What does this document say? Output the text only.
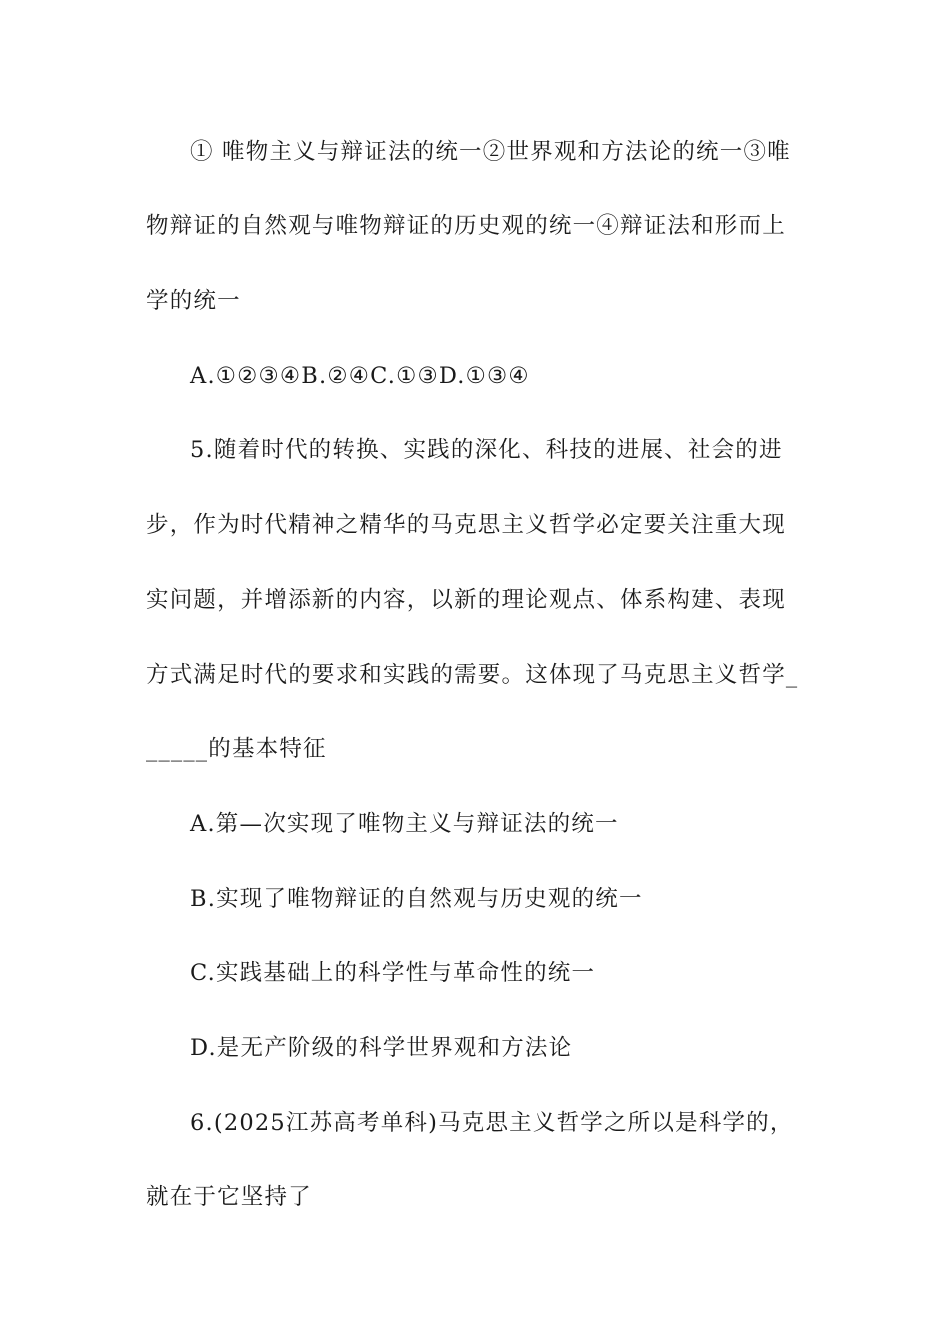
① 唯物主义与辩证法的统一②世界观和方法论的统一③唯
物辩证的自然观与唯物辩证的历史观的统一④辩证法和形而上
学的统一
A.①②③④B.②④C.①③D.①③④
5.随着时代的转换、实践的深化、科技的进展、社会的进
步，作为时代精神之精华的马克思主义哲学必定要关注重大现
实问题，并增添新的内容，以新的理论观点、体系构建、表现
方式满足时代的要求和实践的需要。这体现了马克思主义哲学_
_____的基本特征
A.第—次实现了唯物主义与辩证法的统一
B.实现了唯物辩证的自然观与历史观的统一
C.实践基础上的科学性与革命性的统一
D.是无产阶级的科学世界观和方法论
6.(2025江苏高考单科)马克思主义哲学之所以是科学的，
就在于它坚持了
